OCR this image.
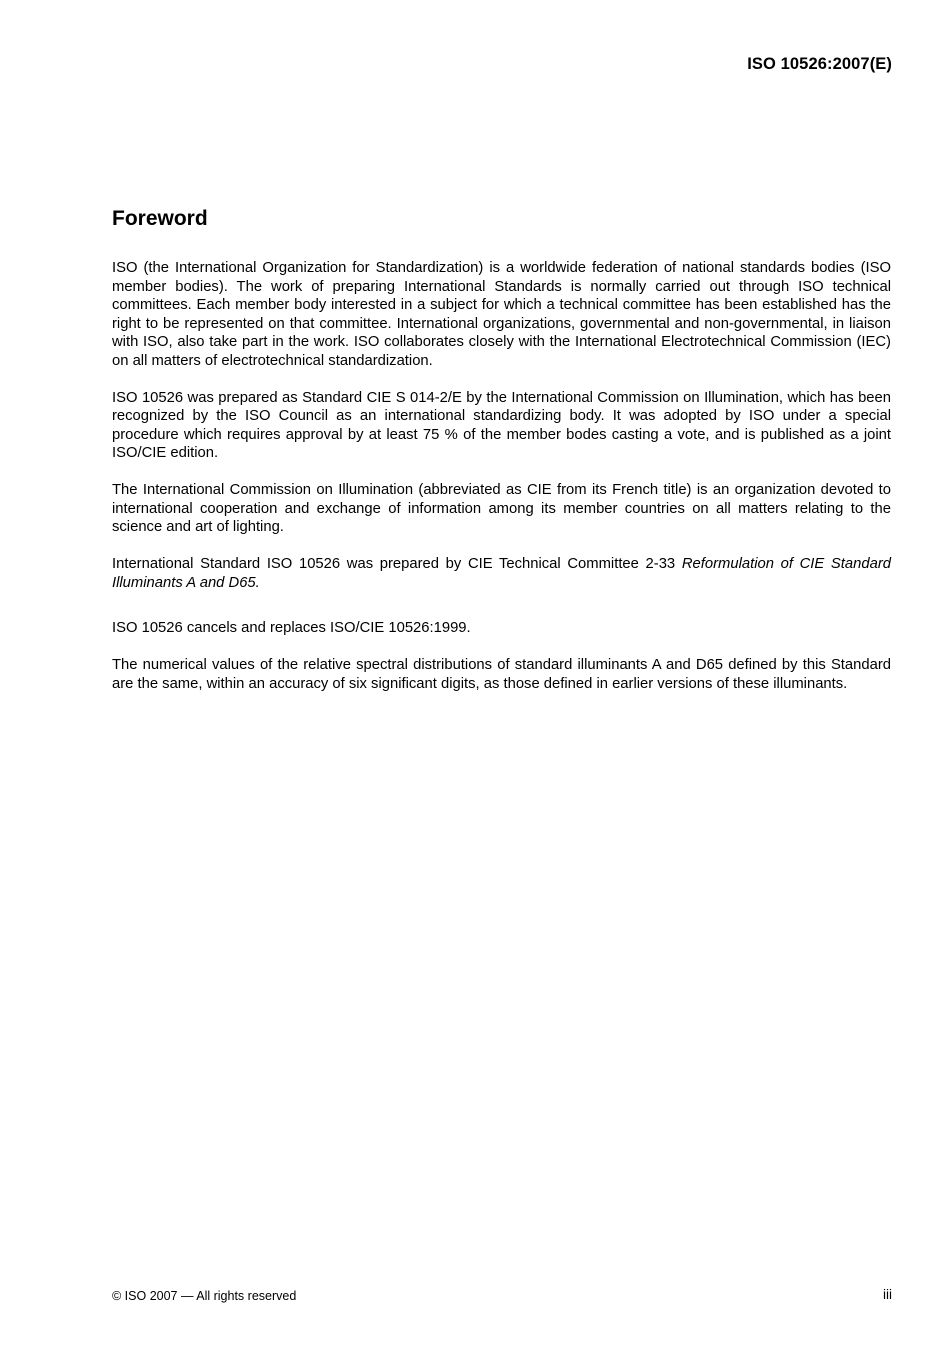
ISO 10526:2007(E)
Foreword

ISO (the International Organization for Standardization) is a worldwide federation of national standards bodies (ISO member bodies). The work of preparing International Standards is normally carried out through ISO technical committees. Each member body interested in a subject for which a technical committee has been established has the right to be represented on that committee. International organizations, governmental and non-governmental, in liaison with ISO, also take part in the work. ISO collaborates closely with the International Electrotechnical Commission (IEC) on all matters of electrotechnical standardization.

ISO 10526 was prepared as Standard CIE S 014-2/E by the International Commission on Illumination, which has been recognized by the ISO Council as an international standardizing body. It was adopted by ISO under a special procedure which requires approval by at least 75 % of the member bodes casting a vote, and is published as a joint ISO/CIE edition.

The International Commission on Illumination (abbreviated as CIE from its French title) is an organization devoted to international cooperation and exchange of information among its member countries on all matters relating to the science and art of lighting.

International Standard ISO 10526 was prepared by CIE Technical Committee 2-33 Reformulation of CIE Standard Illuminants A and D65.

ISO 10526 cancels and replaces ISO/CIE 10526:1999.

The numerical values of the relative spectral distributions of standard illuminants A and D65 defined by this Standard are the same, within an accuracy of six significant digits, as those defined in earlier versions of these illuminants.

© ISO 2007 — All rights reserved	iii
